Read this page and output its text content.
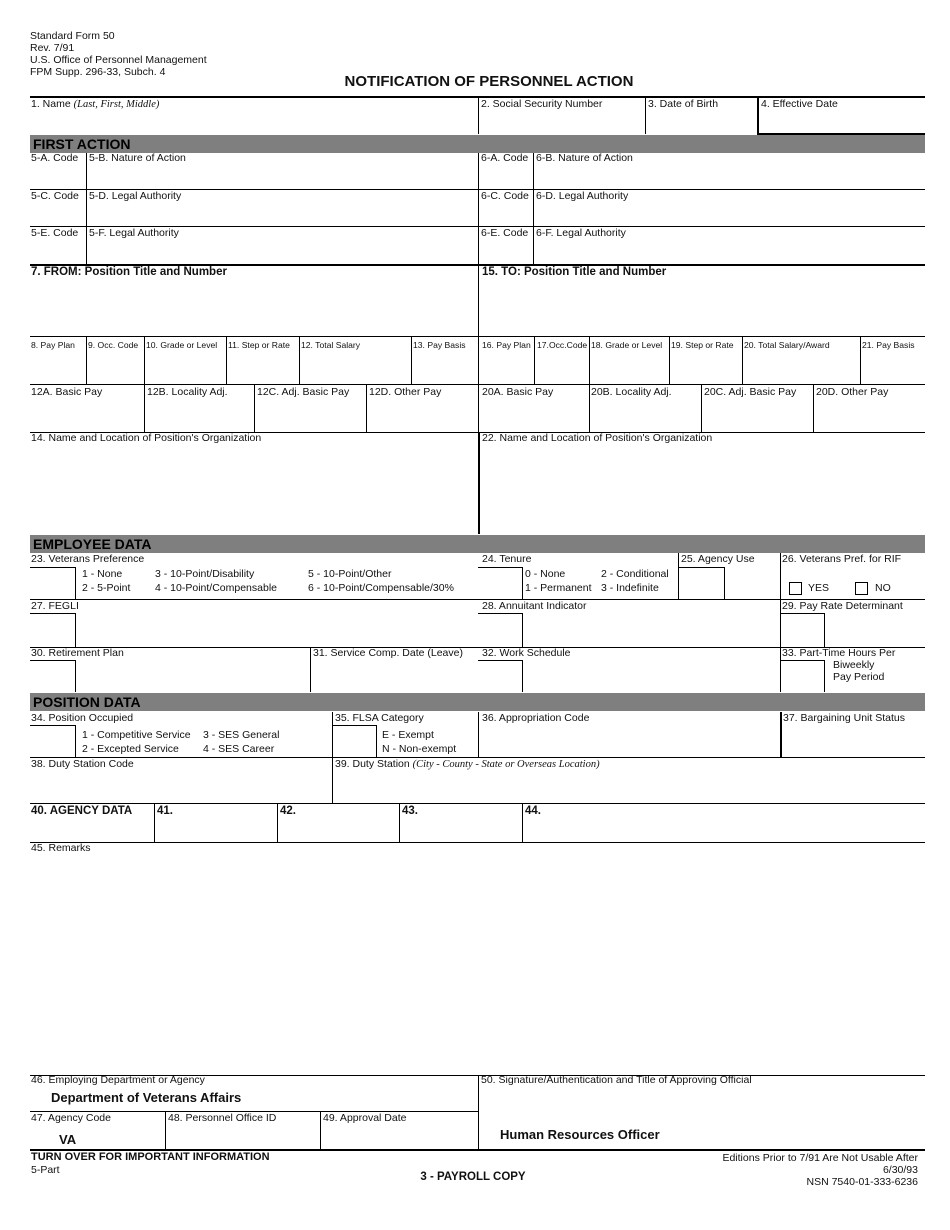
Standard Form 50
Rev. 7/91
U.S. Office of Personnel Management
FPM Supp. 296-33, Subch. 4
NOTIFICATION OF PERSONNEL ACTION
1. Name (Last, First, Middle)	2. Social Security Number	3. Date of Birth	4. Effective Date
FIRST ACTION
5-A. Code 5-B. Nature of Action	6-A. Code 6-B. Nature of Action
5-C. Code 5-D. Legal Authority	6-C. Code 6-D. Legal Authority
5-E. Code 5-F. Legal Authority	6-E. Code 6-F. Legal Authority
7. FROM: Position Title and Number	15. TO: Position Title and Number
8. Pay Plan 9. Occ. Code 10. Grade or Level 11. Step or Rate 12. Total Salary	13. Pay Basis 16. Pay Plan 17.Occ.Code 18. Grade or Level 19. Step or Rate 20. Total Salary/Award	21. Pay Basis
12A. Basic Pay	12B. Locality Adj.	12C. Adj. Basic Pay 12D. Other Pay	20A. Basic Pay	20B. Locality Adj.	20C. Adj. Basic Pay 20D. Other Pay
14. Name and Location of Position's Organization	22. Name and Location of Position's Organization
EMPLOYEE DATA
23. Veterans Preference
1 - None
2 - 5-Point
3 - 10-Point/Disability
4 - 10-Point/Compensable
5 - 10-Point/Other
6 - 10-Point/Compensable/30%
24. Tenure
0 - None
1 - Permanent
2 - Conditional
3 - Indefinite
25. Agency Use	26. Veterans Pref. for RIF
YES	NO
27. FEGLI	28. Annuitant Indicator	29. Pay Rate Determinant
30. Retirement Plan	31. Service Comp. Date (Leave) 32. Work Schedule	33. Part-Time Hours Per
Biweekly
Pay Period
POSITION DATA
34. Position Occupied
1 - Competitive Service
2 - Excepted Service
3 - SES General
4 - SES Career
35. FLSA Category
E - Exempt
N - Non-exempt
36. Appropriation Code	37. Bargaining Unit Status
38. Duty Station Code	39. Duty Station (City - County - State or Overseas Location)
40. AGENCY DATA 41.	42.	43.	44.
45. Remarks
46. Employing Department or Agency
Department of Veterans Affairs
50. Signature/Authentication and Title of Approving Official
Human Resources Officer
47. Agency Code
VA
48. Personnel Office ID	49. Approval Date
TURN OVER FOR IMPORTANT INFORMATION
5-Part
3 - PAYROLL COPY
Editions Prior to 7/91 Are Not Usable After
6/30/93
NSN 7540-01-333-6236
